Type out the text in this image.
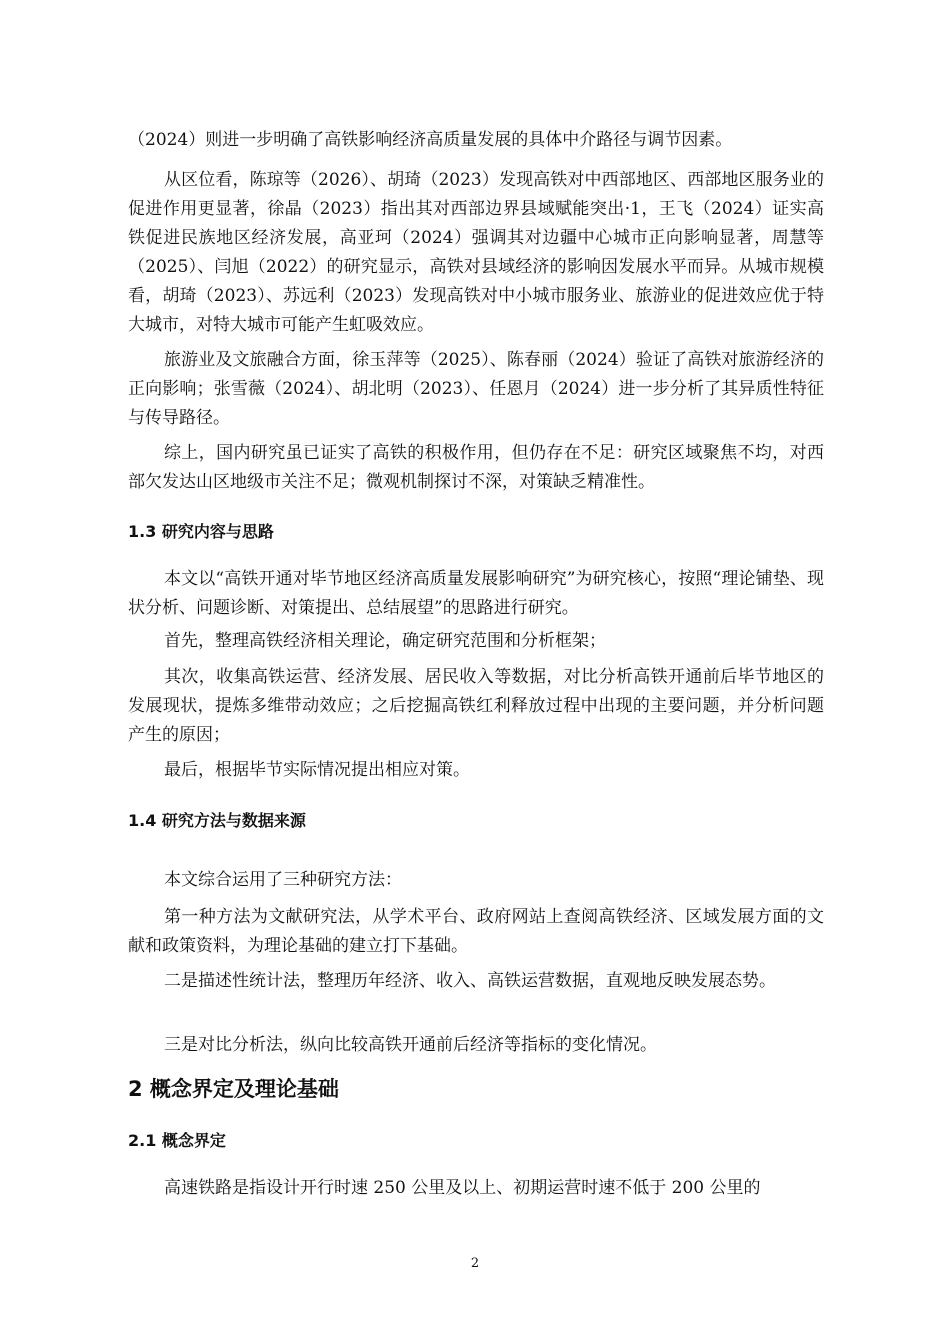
（2024）则进一步明确了高铁影响经济高质量发展的具体中介路径与调节因素。

从区位看，陈琼等（2026）、胡琦（2023）发现高铁对中西部地区、西部地区服务业的促进作用更显著，徐晶（2023）指出其对西部边界县域赋能突出·1，王飞（2024）证实高铁促进民族地区经济发展，高亚珂（2024）强调其对边疆中心城市正向影响显著，周慧等（2025）、闫旭（2022）的研究显示，高铁对县域经济的影响因发展水平而异。从城市规模看，胡琦（2023）、苏远利（2023）发现高铁对中小城市服务业、旅游业的促进效应优于特大城市，对特大城市可能产生虹吸效应。

旅游业及文旅融合方面，徐玉萍等（2025）、陈春丽（2024）验证了高铁对旅游经济的正向影响；张雪薇（2024）、胡北明（2023）、任恩月（2024）进一步分析了其异质性特征与传导路径。

综上，国内研究虽已证实了高铁的积极作用，但仍存在不足：研究区域聚焦不均，对西部欠发达山区地级市关注不足；微观机制探讨不深，对策缺乏精准性。

1.3 研究内容与思路

本文以“高铁开通对毕节地区经济高质量发展影响研究”为研究核心，按照“理论铺垫、现状分析、问题诊断、对策提出、总结展望”的思路进行研究。

首先，整理高铁经济相关理论，确定研究范围和分析框架；

其次，收集高铁运营、经济发展、居民收入等数据，对比分析高铁开通前后毕节地区的发展现状，提炼多维带动效应；之后挖掘高铁红利释放过程中出现的主要问题，并分析问题产生的原因；

最后，根据毕节实际情况提出相应对策。

1.4 研究方法与数据来源

本文综合运用了三种研究方法：

第一种方法为文献研究法，从学术平台、政府网站上查阅高铁经济、区域发展方面的文献和政策资料，为理论基础的建立打下基础。

二是描述性统计法，整理历年经济、收入、高铁运营数据，直观地反映发展态势。

三是对比分析法，纵向比较高铁开通前后经济等指标的变化情况。

2 概念界定及理论基础
2.1 概念界定

高速铁路是指设计开行时速 250 公里及以上、初期运营时速不低于 200 公里的

2
